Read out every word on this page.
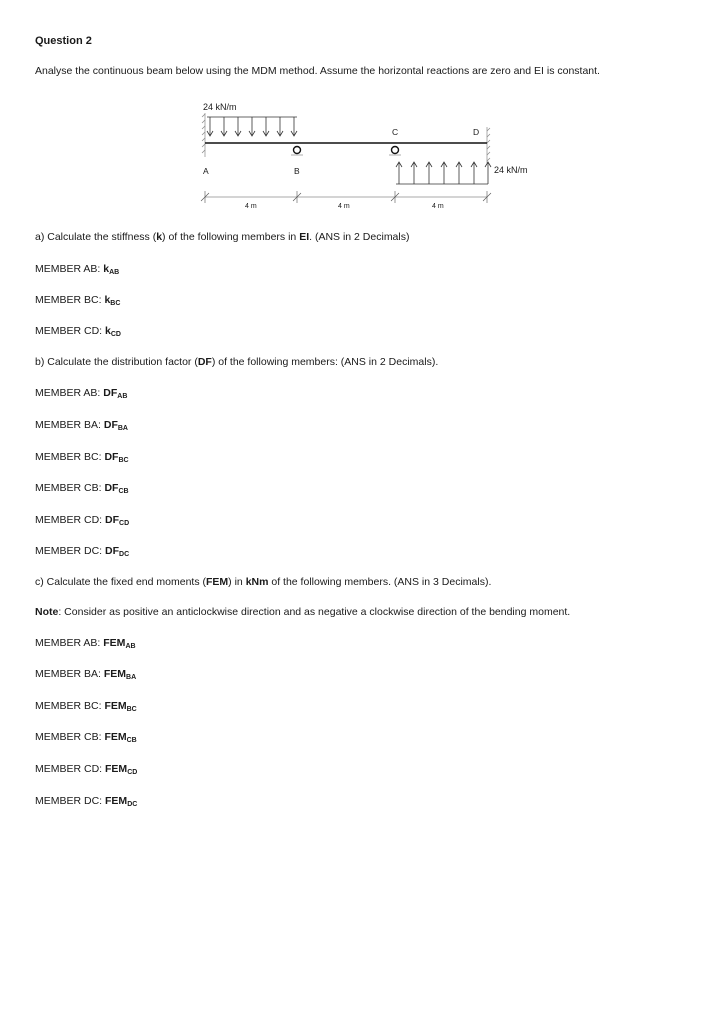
Question 2
Analyse the continuous beam below using the MDM method. Assume the horizontal reactions are zero and EI is constant.
24 kN/m
A	B
C	D
24 kN/m
4 m	4 m	4 m
a) Calculate the stiffness (k) of the following members in EI. (ANS in 2 Decimals)
MEMBER AB: $k_{AB}$
MEMBER BC: $k_{BC}$
MEMBER CD: $k_{CD}$
b) Calculate the distribution factor (DF) of the following members: (ANS in 2 Decimals).
MEMBER AB: $DF_{AB}$
MEMBER BA: $DF_{BA}$
MEMBER BC: $DF_{BC}$
MEMBER CB: $DF_{CB}$
MEMBER CD: $DF_{CD}$
MEMBER DC: $DF_{DC}$
c) Calculate the fixed end moments (FEM) in kNm of the following members. (ANS in 3 Decimals).
Note: Consider as positive an anticlockwise direction and as negative a clockwise direction of the bending moment.
MEMBER AB: $FEM_{AB}$
MEMBER BA: $FEM_{BA}$
MEMBER BC: $FEM_{BC}$
MEMBER CB: $FEM_{CB}$
MEMBER CD: $FEM_{CD}$
MEMBER DC: $FEM_{DC}$
